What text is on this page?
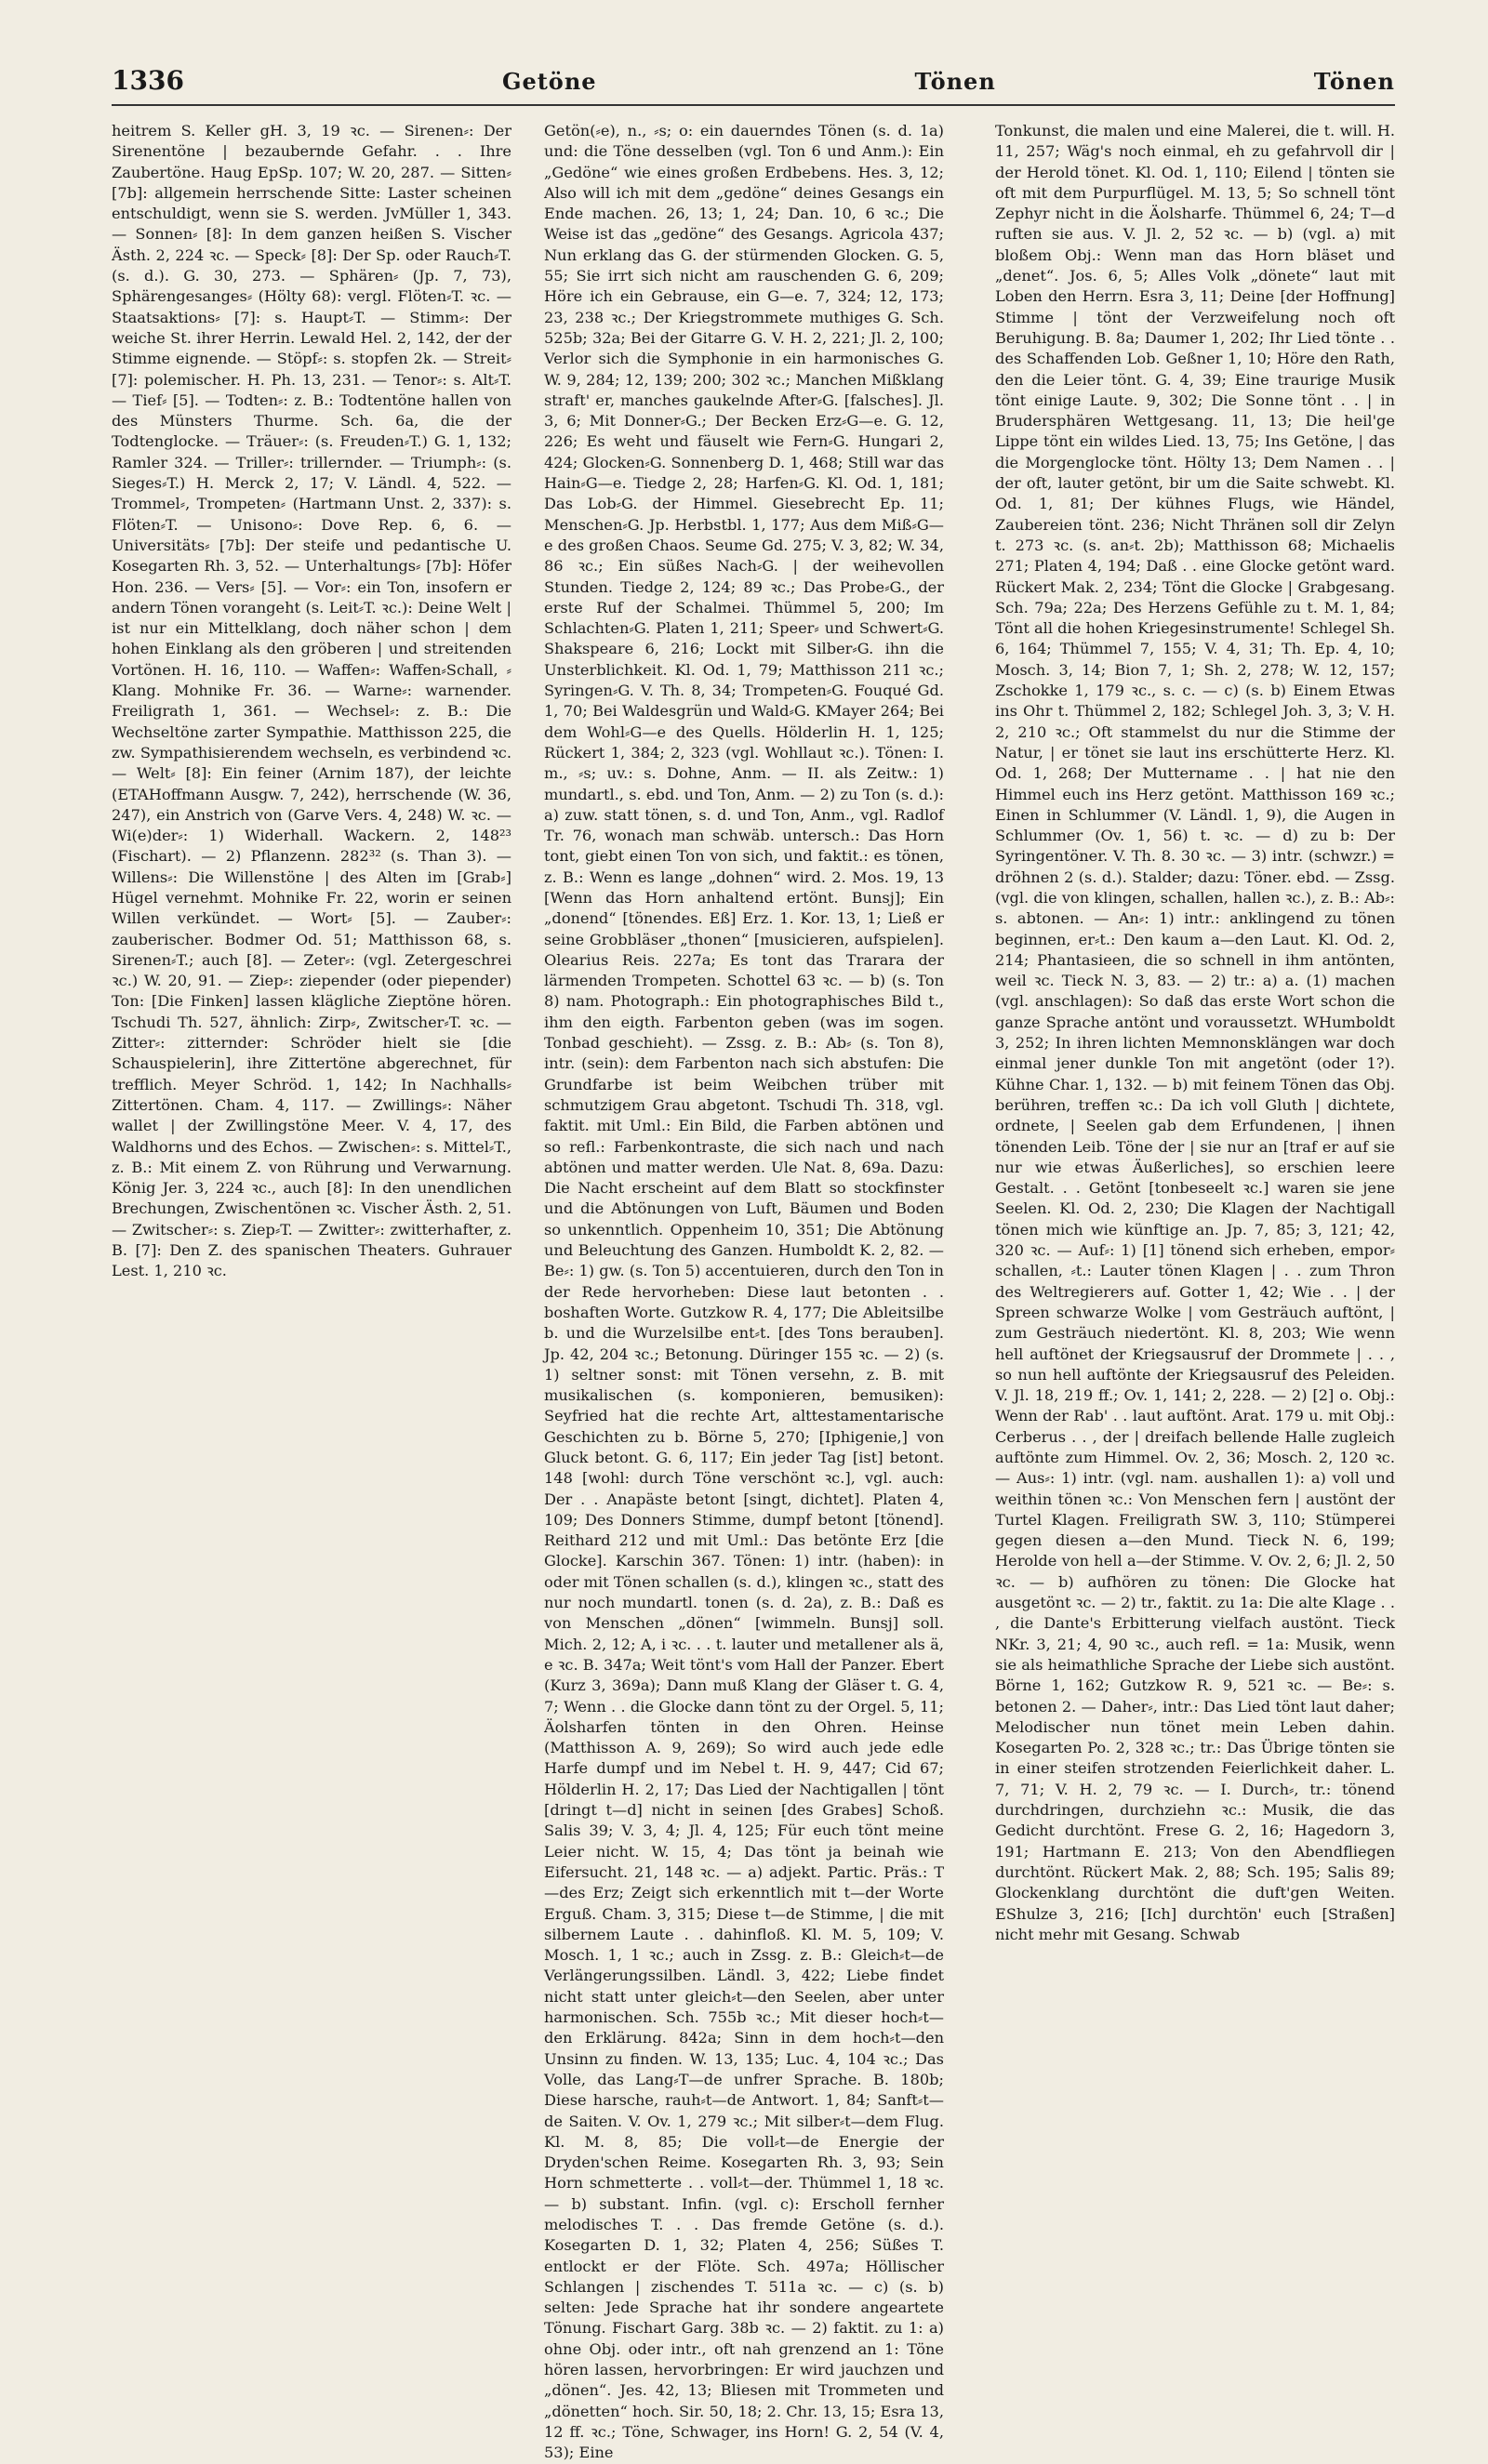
1336	Getöne	Tönen	Tönen

heitrem S. Keller gH. 3, 19 ꝛc. — Sirenen⸗: Der Sirenentöne | bezaubernde Gefahr. . . Ihre Zaubertöne. Haug EpSp. 107; W. 20, 287. — Sitten⸗ [7b]: allgemein herrschende Sitte: Laster scheinen entschuldigt, wenn sie S. werden. JvMüller 1, 343. — Sonnen⸗ [8]: In dem ganzen heißen S. Vischer Ästh. 2, 224 ꝛc. — Speck⸗ [8]: Der Sp. oder Rauch⸗T. (s. d.). G. 30, 273. — Sphären⸗ (Jp. 7, 73), Sphärengesanges⸗ (Hölty 68): vergl. Flöten⸗T. ꝛc. — Staatsaktions⸗ [7]: s. Haupt⸗T. — Stimm⸗: Der weiche St. ihrer Herrin. Lewald Hel. 2, 142, der der Stimme eignende. — Stöpf⸗: s. stopfen 2k. — Streit⸗ [7]: polemischer. H. Ph. 13, 231. — Tenor⸗: s. Alt⸗T. — Tief⸗ [5]. — Todten⸗: z. B.: Todtentöne hallen von des Münsters Thurme. Sch. 6a, die der Todtenglocke. — Träuer⸗: (s. Freuden⸗T.) G. 1, 132; Ramler 324. — Triller⸗: trillernder. — Triumph⸗: (s. Sieges⸗T.) H. Merck 2, 17; V. Ländl. 4, 522. — Trommel⸗, Trompeten⸗ (Hartmann Unst. 2, 337): s. Flöten⸗T. — Unisono⸗: Dove Rep. 6, 6. — Universitäts⸗ [7b]: Der steife und pedantische U. Kosegarten Rh. 3, 52. — Unterhaltungs⸗ [7b]: Höfer Hon. 236. — Vers⸗ [5]. — Vor⸗: ein Ton, insofern er andern Tönen vorangeht (s. Leit⸗T. ꝛc.): Deine Welt | ist nur ein Mittelklang, doch näher schon | dem hohen Einklang als den gröberen | und streitenden Vortönen. H. 16, 110. — Waffen⸗: Waffen⸗Schall, ⸗Klang. Mohnike Fr. 36. — Warne⸗: warnender. Freiligrath 1, 361. — Wechsel⸗: z. B.: Die Wechseltöne zarter Sympathie. Matthisson 225, die zw. Sympathisierendem wechseln, es verbindend ꝛc. — Welt⸗ [8]: Ein feiner (Arnim 187), der leichte (ETAHoffmann Ausgw. 7, 242), herrschende (W. 36, 247), ein Anstrich von (Garve Vers. 4, 248) W. ꝛc. — Wi(e)der⸗: 1) Widerhall. Wackern. 2, 148²³ (Fischart). — 2) Pflanzenn. 282³² (s. Than 3). — Willens⸗: Die Willenstöne | des Alten im [Grab⸗] Hügel vernehmt. Mohnike Fr. 22, worin er seinen Willen verkündet. — Wort⸗ [5]. — Zauber⸗: zauberischer. Bodmer Od. 51; Matthisson 68, s. Sirenen⸗T.; auch [8]. — Zeter⸗: (vgl. Zetergeschrei ꝛc.) W. 20, 91. — Ziep⸗: ziepender (oder piepender) Ton: [Die Finken] lassen klägliche Zieptöne hören. Tschudi Th. 527, ähnlich: Zirp⸗, Zwitscher⸗T. ꝛc. — Zitter⸗: zitternder: Schröder hielt sie [die Schauspielerin], ihre Zittertöne abgerechnet, für trefflich. Meyer Schröd. 1, 142; In Nachhalls⸗Zittertönen. Cham. 4, 117. — Zwillings⸗: Näher wallet | der Zwillingstöne Meer. V. 4, 17, des Waldhorns und des Echos. — Zwischen⸗: s. Mittel⸗T., z. B.: Mit einem Z. von Rührung und Verwarnung. König Jer. 3, 224 ꝛc., auch [8]: In den unendlichen Brechungen, Zwischentönen ꝛc. Vischer Ästh. 2, 51. — Zwitscher⸗: s. Ziep⸗T. — Zwitter⸗: zwitterhafter, z. B. [7]: Den Z. des spanischen Theaters. Guhrauer Lest. 1, 210 ꝛc.

Getön(⸗e), n., ⸗s; o: ein dauerndes Tönen (s. d. 1a) und: die Töne desselben (vgl. Ton 6 und Anm.): Ein „Gedöne“ wie eines großen Erdbebens. Hes. 3, 12; Also will ich mit dem „gedöne“ deines Gesangs ein Ende machen. 26, 13; 1, 24; Dan. 10, 6 ꝛc.; Die Weise ist das „gedöne“ des Gesangs. Agricola 437; Nun erklang das G. der stürmenden Glocken. G. 5, 55; Sie irrt sich nicht am rauschenden G. 6, 209; Höre ich ein Gebrause, ein G—e. 7, 324; 12, 173; 23, 238 ꝛc.; Der Kriegstrommete muthiges G. Sch. 525b; 32a; Bei der Gitarre G. V. H. 2, 221; Jl. 2, 100; Verlor sich die Symphonie in ein harmonisches G. W. 9, 284; 12, 139; 200; 302 ꝛc.; Manchen Mißklang straft' er, manches gaukelnde After⸗G. [falsches]. Jl. 3, 6; Mit Donner⸗G.; Der Becken Erz⸗G—e. G. 12, 226; Es weht und fäuselt wie Fern⸗G. Hungari 2, 424; Glocken⸗G. Sonnenberg D. 1, 468; Still war das Hain⸗G—e. Tiedge 2, 28; Harfen⸗G. Kl. Od. 1, 181; Das Lob⸗G. der Himmel. Giesebrecht Ep. 11; Menschen⸗G. Jp. Herbstbl. 1, 177; Aus dem Miß⸗G—e des großen Chaos. Seume Gd. 275; V. 3, 82; W. 34, 86 ꝛc.; Ein süßes Nach⸗G. | der weihevollen Stunden. Tiedge 2, 124; 89 ꝛc.; Das Probe⸗G., der erste Ruf der Schalmei. Thümmel 5, 200; Im Schlachten⸗G. Platen 1, 211; Speer⸗ und Schwert⸗G. Shakspeare 6, 216; Lockt mit Silber⸗G. ihn die Unsterblichkeit. Kl. Od. 1, 79; Matthisson 211 ꝛc.; Syringen⸗G. V. Th. 8, 34; Trompeten⸗G. Fouqué Gd. 1, 70; Bei Waldesgrün und Wald⸗G. KMayer 264; Bei dem Wohl⸗G—e des Quells. Hölderlin H. 1, 125; Rückert 1, 384; 2, 323 (vgl. Wohllaut ꝛc.). Tönen: I. m., ⸗s; uv.: s. Dohne, Anm. — II. als Zeitw.: 1) mundartl., s. ebd. und Ton, Anm. — 2) zu Ton (s. d.): a) zuw. statt tönen, s. d. und Ton, Anm., vgl. Radlof Tr. 76, wonach man schwäb. untersch.: Das Horn tont, giebt einen Ton von sich, und faktit.: es tönen, z. B.: Wenn es lange „dohnen“ wird. 2. Mos. 19, 13 [Wenn das Horn anhaltend ertönt. Bunsj]; Ein „donend“ [tönendes. Eß] Erz. 1. Kor. 13, 1; Ließ er seine Grobbläser „thonen“ [musicieren, aufspielen]. Olearius Reis. 227a; Es tont das Trarara der lärmenden Trompeten. Schottel 63 ꝛc. — b) (s. Ton 8) nam. Photograph.: Ein photographisches Bild t., ihm den eigth. Farbenton geben (was im sogen. Tonbad geschieht). — Zssg. z. B.: Ab⸗ (s. Ton 8), intr. (sein): dem Farbenton nach sich abstufen: Die Grundfarbe ist beim Weibchen trüber mit schmutzigem Grau abgetont. Tschudi Th. 318, vgl. faktit. mit Uml.: Ein Bild, die Farben abtönen und so refl.: Farbenkontraste, die sich nach und nach abtönen und matter werden. Ule Nat. 8, 69a. Dazu: Die Nacht erscheint auf dem Blatt so stockfinster und die Abtönungen von Luft, Bäumen und Boden so unkenntlich. Oppenheim 10, 351; Die Abtönung und Beleuchtung des Ganzen. Humboldt K. 2, 82. — Be⸗: 1) gw. (s. Ton 5) accentuieren, durch den Ton in der Rede hervorheben: Diese laut betonten . . boshaften Worte. Gutzkow R. 4, 177; Die Ableitsilbe b. und die Wurzelsilbe ent⸗t. [des Tons berauben]. Jp. 42, 204 ꝛc.; Betonung. Düringer 155 ꝛc. — 2) (s. 1) seltner sonst: mit Tönen versehn, z. B. mit musikalischen (s. komponieren, bemusiken): Seyfried hat die rechte Art, alttestamentarische Geschichten zu b. Börne 5, 270; [Iphigenie,] von Gluck betont. G. 6, 117; Ein jeder Tag [ist] betont. 148 [wohl: durch Töne verschönt ꝛc.], vgl. auch: Der . . Anapäste betont [singt, dichtet]. Platen 4, 109; Des Donners Stimme, dumpf betont [tönend]. Reithard 212 und mit Uml.: Das betönte Erz [die Glocke]. Karschin 367. Tönen: 1) intr. (haben): in oder mit Tönen schallen (s. d.), klingen ꝛc., statt des nur noch mundartl. tonen (s. d. 2a), z. B.: Daß es von Menschen „dönen“ [wimmeln. Bunsj] soll. Mich. 2, 12; A, i ꝛc. . . t. lauter und metallener als ä, e ꝛc. B. 347a; Weit tönt's vom Hall der Panzer. Ebert (Kurz 3, 369a); Dann muß Klang der Gläser t. G. 4, 7; Wenn . . die Glocke dann tönt zu der Orgel. 5, 11; Äolsharfen tönten in den Ohren. Heinse (Matthisson A. 9, 269); So wird auch jede edle Harfe dumpf und im Nebel t. H. 9, 447; Cid 67; Hölderlin H. 2, 17; Das Lied der Nachtigallen | tönt [dringt t—d] nicht in seinen [des Grabes] Schoß. Salis 39; V. 3, 4; Jl. 4, 125; Für euch tönt meine Leier nicht. W. 15, 4; Das tönt ja beinah wie Eifersucht. 21, 148 ꝛc. — a) adjekt. Partic. Präs.: T—des Erz; Zeigt sich erkenntlich mit t—der Worte Erguß. Cham. 3, 315; Diese t—de Stimme, | die mit silbernem Laute . . dahinfloß. Kl. M. 5, 109; V. Mosch. 1, 1 ꝛc.; auch in Zssg. z. B.: Gleich⸗t—de Verlängerungssilben. Ländl. 3, 422; Liebe findet nicht statt unter gleich⸗t—den Seelen, aber unter harmonischen. Sch. 755b ꝛc.; Mit dieser hoch⸗t—den Erklärung. 842a; Sinn in dem hoch⸗t—den Unsinn zu finden. W. 13, 135; Luc. 4, 104 ꝛc.; Das Volle, das Lang⸗T—de unfrer Sprache. B. 180b; Diese harsche, rauh⸗t—de Antwort. 1, 84; Sanft⸗t—de Saiten. V. Ov. 1, 279 ꝛc.; Mit silber⸗t—dem Flug. Kl. M. 8, 85; Die voll⸗t—de Energie der Dryden'schen Reime. Kosegarten Rh. 3, 93; Sein Horn schmetterte . . voll⸗t—der. Thümmel 1, 18 ꝛc. — b) substant. Infin. (vgl. c): Erscholl fernher melodisches T. . . Das fremde Getöne (s. d.). Kosegarten D. 1, 32; Platen 4, 256; Süßes T. entlockt er der Flöte. Sch. 497a; Höllischer Schlangen | zischendes T. 511a ꝛc. — c) (s. b) selten: Jede Sprache hat ihr sondere angeartete Tönung. Fischart Garg. 38b ꝛc. — 2) faktit. zu 1: a) ohne Obj. oder intr., oft nah grenzend an 1: Töne hören lassen, hervorbringen: Er wird jauchzen und „dönen“. Jes. 42, 13; Bliesen mit Trommeten und „dönetten“ hoch. Sir. 50, 18; 2. Chr. 13, 15; Esra 13, 12 ff. ꝛc.; Töne, Schwager, ins Horn! G. 2, 54 (V. 4, 53); Eine

Tonkunst, die malen und eine Malerei, die t. will. H. 11, 257; Wäg's noch einmal, eh zu gefahrvoll dir | der Herold tönet. Kl. Od. 1, 110; Eilend | tönten sie oft mit dem Purpurflügel. M. 13, 5; So schnell tönt Zephyr nicht in die Äolsharfe. Thümmel 6, 24; T—d ruften sie aus. V. Jl. 2, 52 ꝛc. — b) (vgl. a) mit bloßem Obj.: Wenn man das Horn bläset und „denet“. Jos. 6, 5; Alles Volk „dönete“ laut mit Loben den Herrn. Esra 3, 11; Deine [der Hoffnung] Stimme | tönt der Verzweifelung noch oft Beruhigung. B. 8a; Daumer 1, 202; Ihr Lied tönte . . des Schaffenden Lob. Geßner 1, 10; Höre den Rath, den die Leier tönt. G. 4, 39; Eine traurige Musik tönt einige Laute. 9, 302; Die Sonne tönt . . | in Brudersphären Wettgesang. 11, 13; Die heil'ge Lippe tönt ein wildes Lied. 13, 75; Ins Getöne, | das die Morgenglocke tönt. Hölty 13; Dem Namen . . | der oft, lauter getönt, bir um die Saite schwebt. Kl. Od. 1, 81; Der kühnes Flugs, wie Händel, Zaubereien tönt. 236; Nicht Thränen soll dir Zelyn t. 273 ꝛc. (s. an⸗t. 2b); Matthisson 68; Michaelis 271; Platen 4, 194; Daß . . eine Glocke getönt ward. Rückert Mak. 2, 234; Tönt die Glocke | Grabgesang. Sch. 79a; 22a; Des Herzens Gefühle zu t. M. 1, 84; Tönt all die hohen Kriegesinstrumente! Schlegel Sh. 6, 164; Thümmel 7, 155; V. 4, 31; Th. Ep. 4, 10; Mosch. 3, 14; Bion 7, 1; Sh. 2, 278; W. 12, 157; Zschokke 1, 179 ꝛc., s. c. — c) (s. b) Einem Etwas ins Ohr t. Thümmel 2, 182; Schlegel Joh. 3, 3; V. H. 2, 210 ꝛc.; Oft stammelst du nur die Stimme der Natur, | er tönet sie laut ins erschütterte Herz. Kl. Od. 1, 268; Der Muttername . . | hat nie den Himmel euch ins Herz getönt. Matthisson 169 ꝛc.; Einen in Schlummer (V. Ländl. 1, 9), die Augen in Schlummer (Ov. 1, 56) t. ꝛc. — d) zu b: Der Syringentöner. V. Th. 8. 30 ꝛc. — 3) intr. (schwzr.) = dröhnen 2 (s. d.). Stalder; dazu: Töner. ebd. — Zssg. (vgl. die von klingen, schallen, hallen ꝛc.), z. B.: Ab⸗: s. abtonen. — An⸗: 1) intr.: anklingend zu tönen beginnen, er⸗t.: Den kaum a—den Laut. Kl. Od. 2, 214; Phantasieen, die so schnell in ihm antönten, weil ꝛc. Tieck N. 3, 83. — 2) tr.: a) a. (1) machen (vgl. anschlagen): So daß das erste Wort schon die ganze Sprache antönt und voraussetzt. WHumboldt 3, 252; In ihren lichten Memnonsklängen war doch einmal jener dunkle Ton mit angetönt (oder 1?). Kühne Char. 1, 132. — b) mit feinem Tönen das Obj. berühren, treffen ꝛc.: Da ich voll Gluth | dichtete, ordnete, | Seelen gab dem Erfundenen, | ihnen tönenden Leib. Töne der | sie nur an [traf er auf sie nur wie etwas Äußerliches], so erschien leere Gestalt. . . Getönt [tonbeseelt ꝛc.] waren sie jene Seelen. Kl. Od. 2, 230; Die Klagen der Nachtigall tönen mich wie künftige an. Jp. 7, 85; 3, 121; 42, 320 ꝛc. — Auf⸗: 1) [1] tönend sich erheben, empor⸗schallen, ⸗t.: Lauter tönen Klagen | . . zum Thron des Weltregierers auf. Gotter 1, 42; Wie . . | der Spreen schwarze Wolke | vom Gesträuch auftönt, | zum Gesträuch niedertönt. Kl. 8, 203; Wie wenn hell auftönet der Kriegsausruf der Drommete | . . , so nun hell auftönte der Kriegsausruf des Peleiden. V. Jl. 18, 219 ff.; Ov. 1, 141; 2, 228. — 2) [2] o. Obj.: Wenn der Rab' . . laut auftönt. Arat. 179 u. mit Obj.: Cerberus . . , der | dreifach bellende Halle zugleich auftönte zum Himmel. Ov. 2, 36; Mosch. 2, 120 ꝛc. — Aus⸗: 1) intr. (vgl. nam. aushallen 1): a) voll und weithin tönen ꝛc.: Von Menschen fern | austönt der Turtel Klagen. Freiligrath SW. 3, 110; Stümperei gegen diesen a—den Mund. Tieck N. 6, 199; Herolde von hell a—der Stimme. V. Ov. 2, 6; Jl. 2, 50 ꝛc. — b) aufhören zu tönen: Die Glocke hat ausgetönt ꝛc. — 2) tr., faktit. zu 1a: Die alte Klage . . , die Dante's Erbitterung vielfach austönt. Tieck NKr. 3, 21; 4, 90 ꝛc., auch refl. = 1a: Musik, wenn sie als heimathliche Sprache der Liebe sich austönt. Börne 1, 162; Gutzkow R. 9, 521 ꝛc. — Be⸗: s. betonen 2. — Daher⸗, intr.: Das Lied tönt laut daher; Melodischer nun tönet mein Leben dahin. Kosegarten Po. 2, 328 ꝛc.; tr.: Das Übrige tönten sie in einer steifen strotzenden Feierlichkeit daher. L. 7, 71; V. H. 2, 79 ꝛc. — I. Durch⸗, tr.: tönend durchdringen, durchziehn ꝛc.: Musik, die das Gedicht durchtönt. Frese G. 2, 16; Hagedorn 3, 191; Hartmann E. 213; Von den Abendfliegen durchtönt. Rückert Mak. 2, 88; Sch. 195; Salis 89; Glockenklang durchtönt die duft'gen Weiten. EShulze 3, 216; [Ich] durchtön' euch [Straßen] nicht mehr mit Gesang. Schwab
